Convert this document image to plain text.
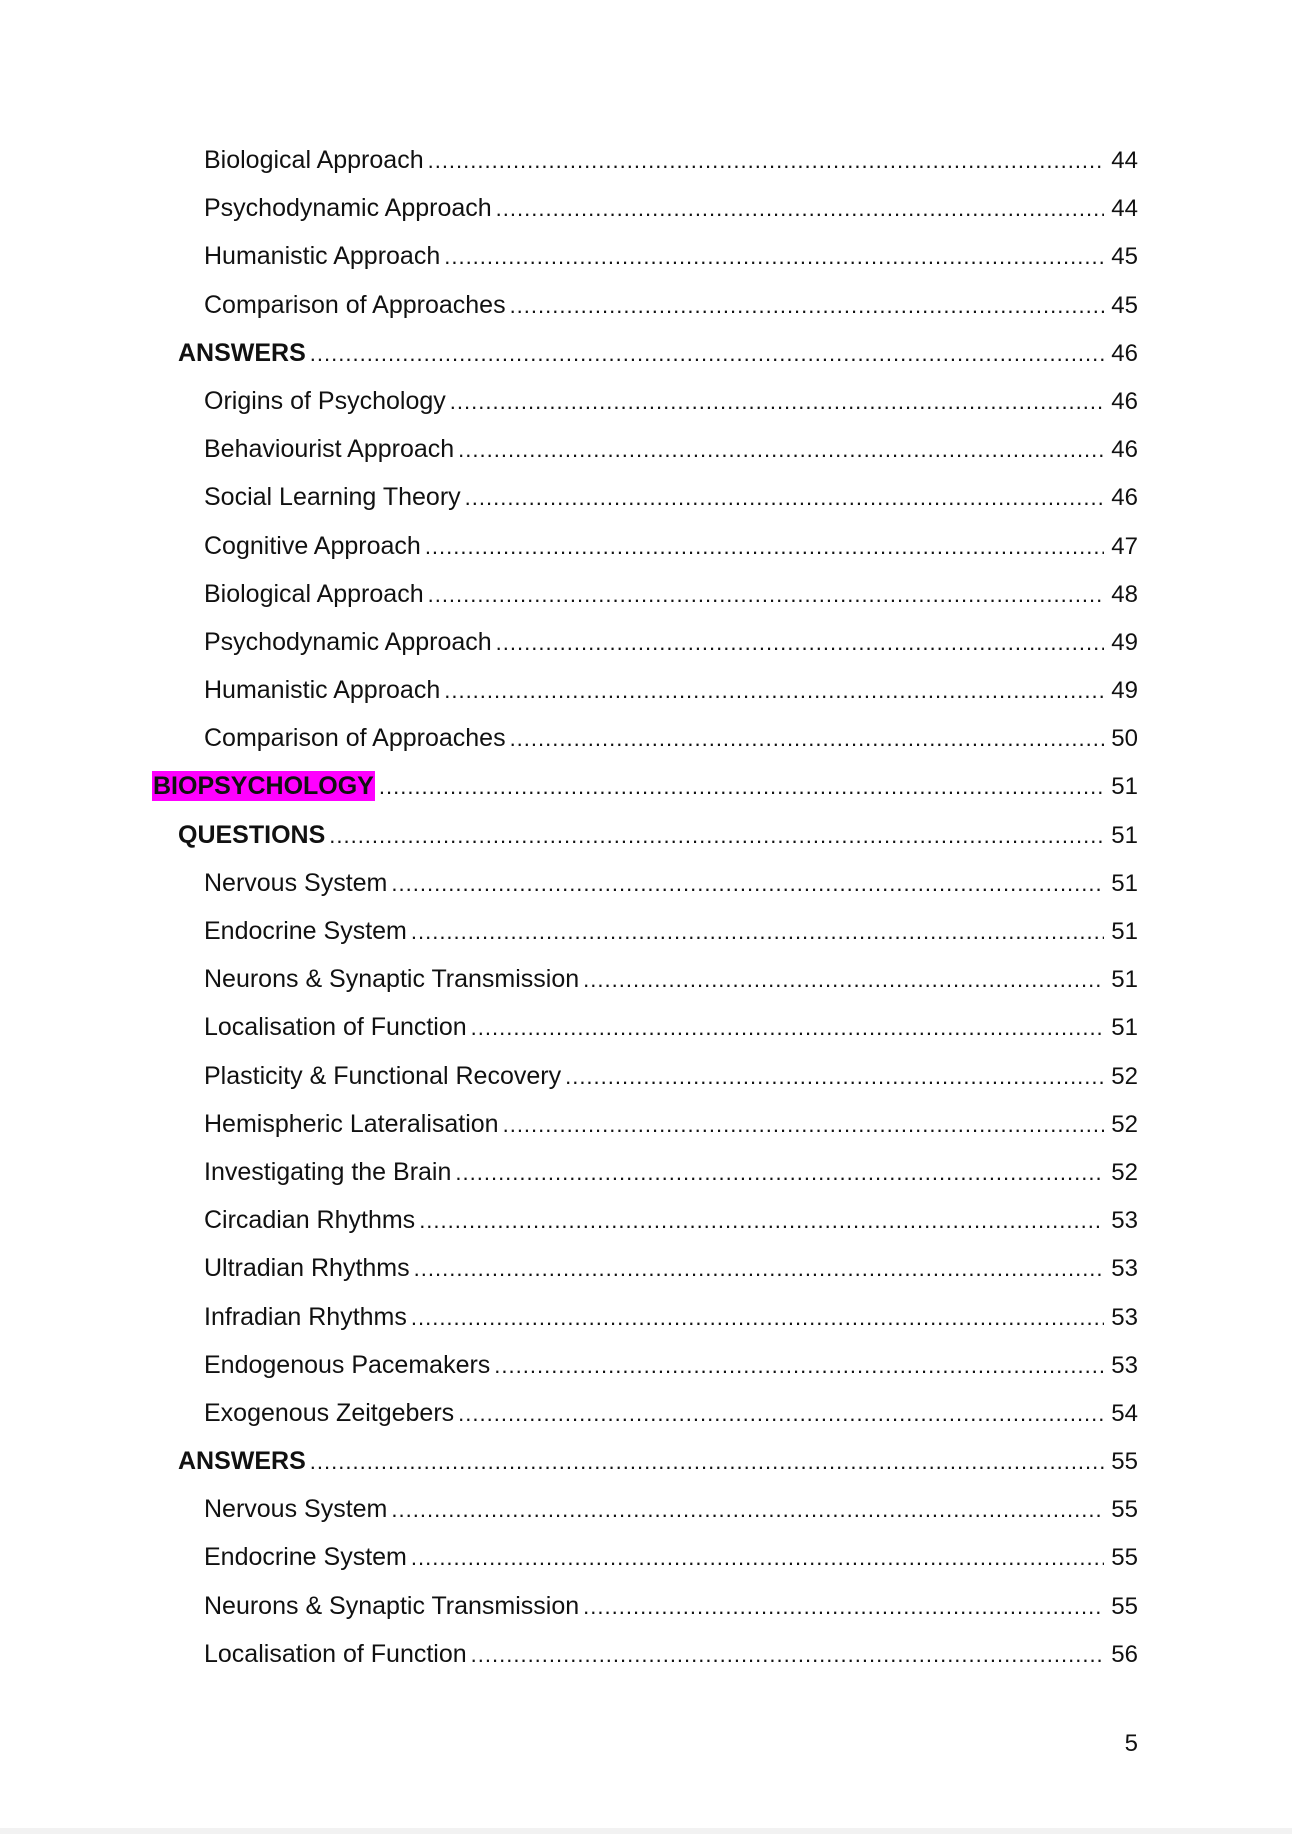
Biological Approach .....	44
Psychodynamic Approach .....	44
Humanistic Approach .....	45
Comparison of Approaches .....	45
ANSWERS .....	46
Origins of Psychology .....	46
Behaviourist Approach .....	46
Social Learning Theory .....	46
Cognitive Approach .....	47
Biological Approach .....	48
Psychodynamic Approach .....	49
Humanistic Approach .....	49
Comparison of Approaches .....	50
BIOPSYCHOLOGY .....	51
QUESTIONS .....	51
Nervous System .....	51
Endocrine System .....	51
Neurons & Synaptic Transmission .....	51
Localisation of Function .....	51
Plasticity & Functional Recovery .....	52
Hemispheric Lateralisation .....	52
Investigating the Brain .....	52
Circadian Rhythms .....	53
Ultradian Rhythms .....	53
Infradian Rhythms .....	53
Endogenous Pacemakers .....	53
Exogenous Zeitgebers .....	54
ANSWERS .....	55
Nervous System .....	55
Endocrine System .....	55
Neurons & Synaptic Transmission .....	55
Localisation of Function .....	56
5
